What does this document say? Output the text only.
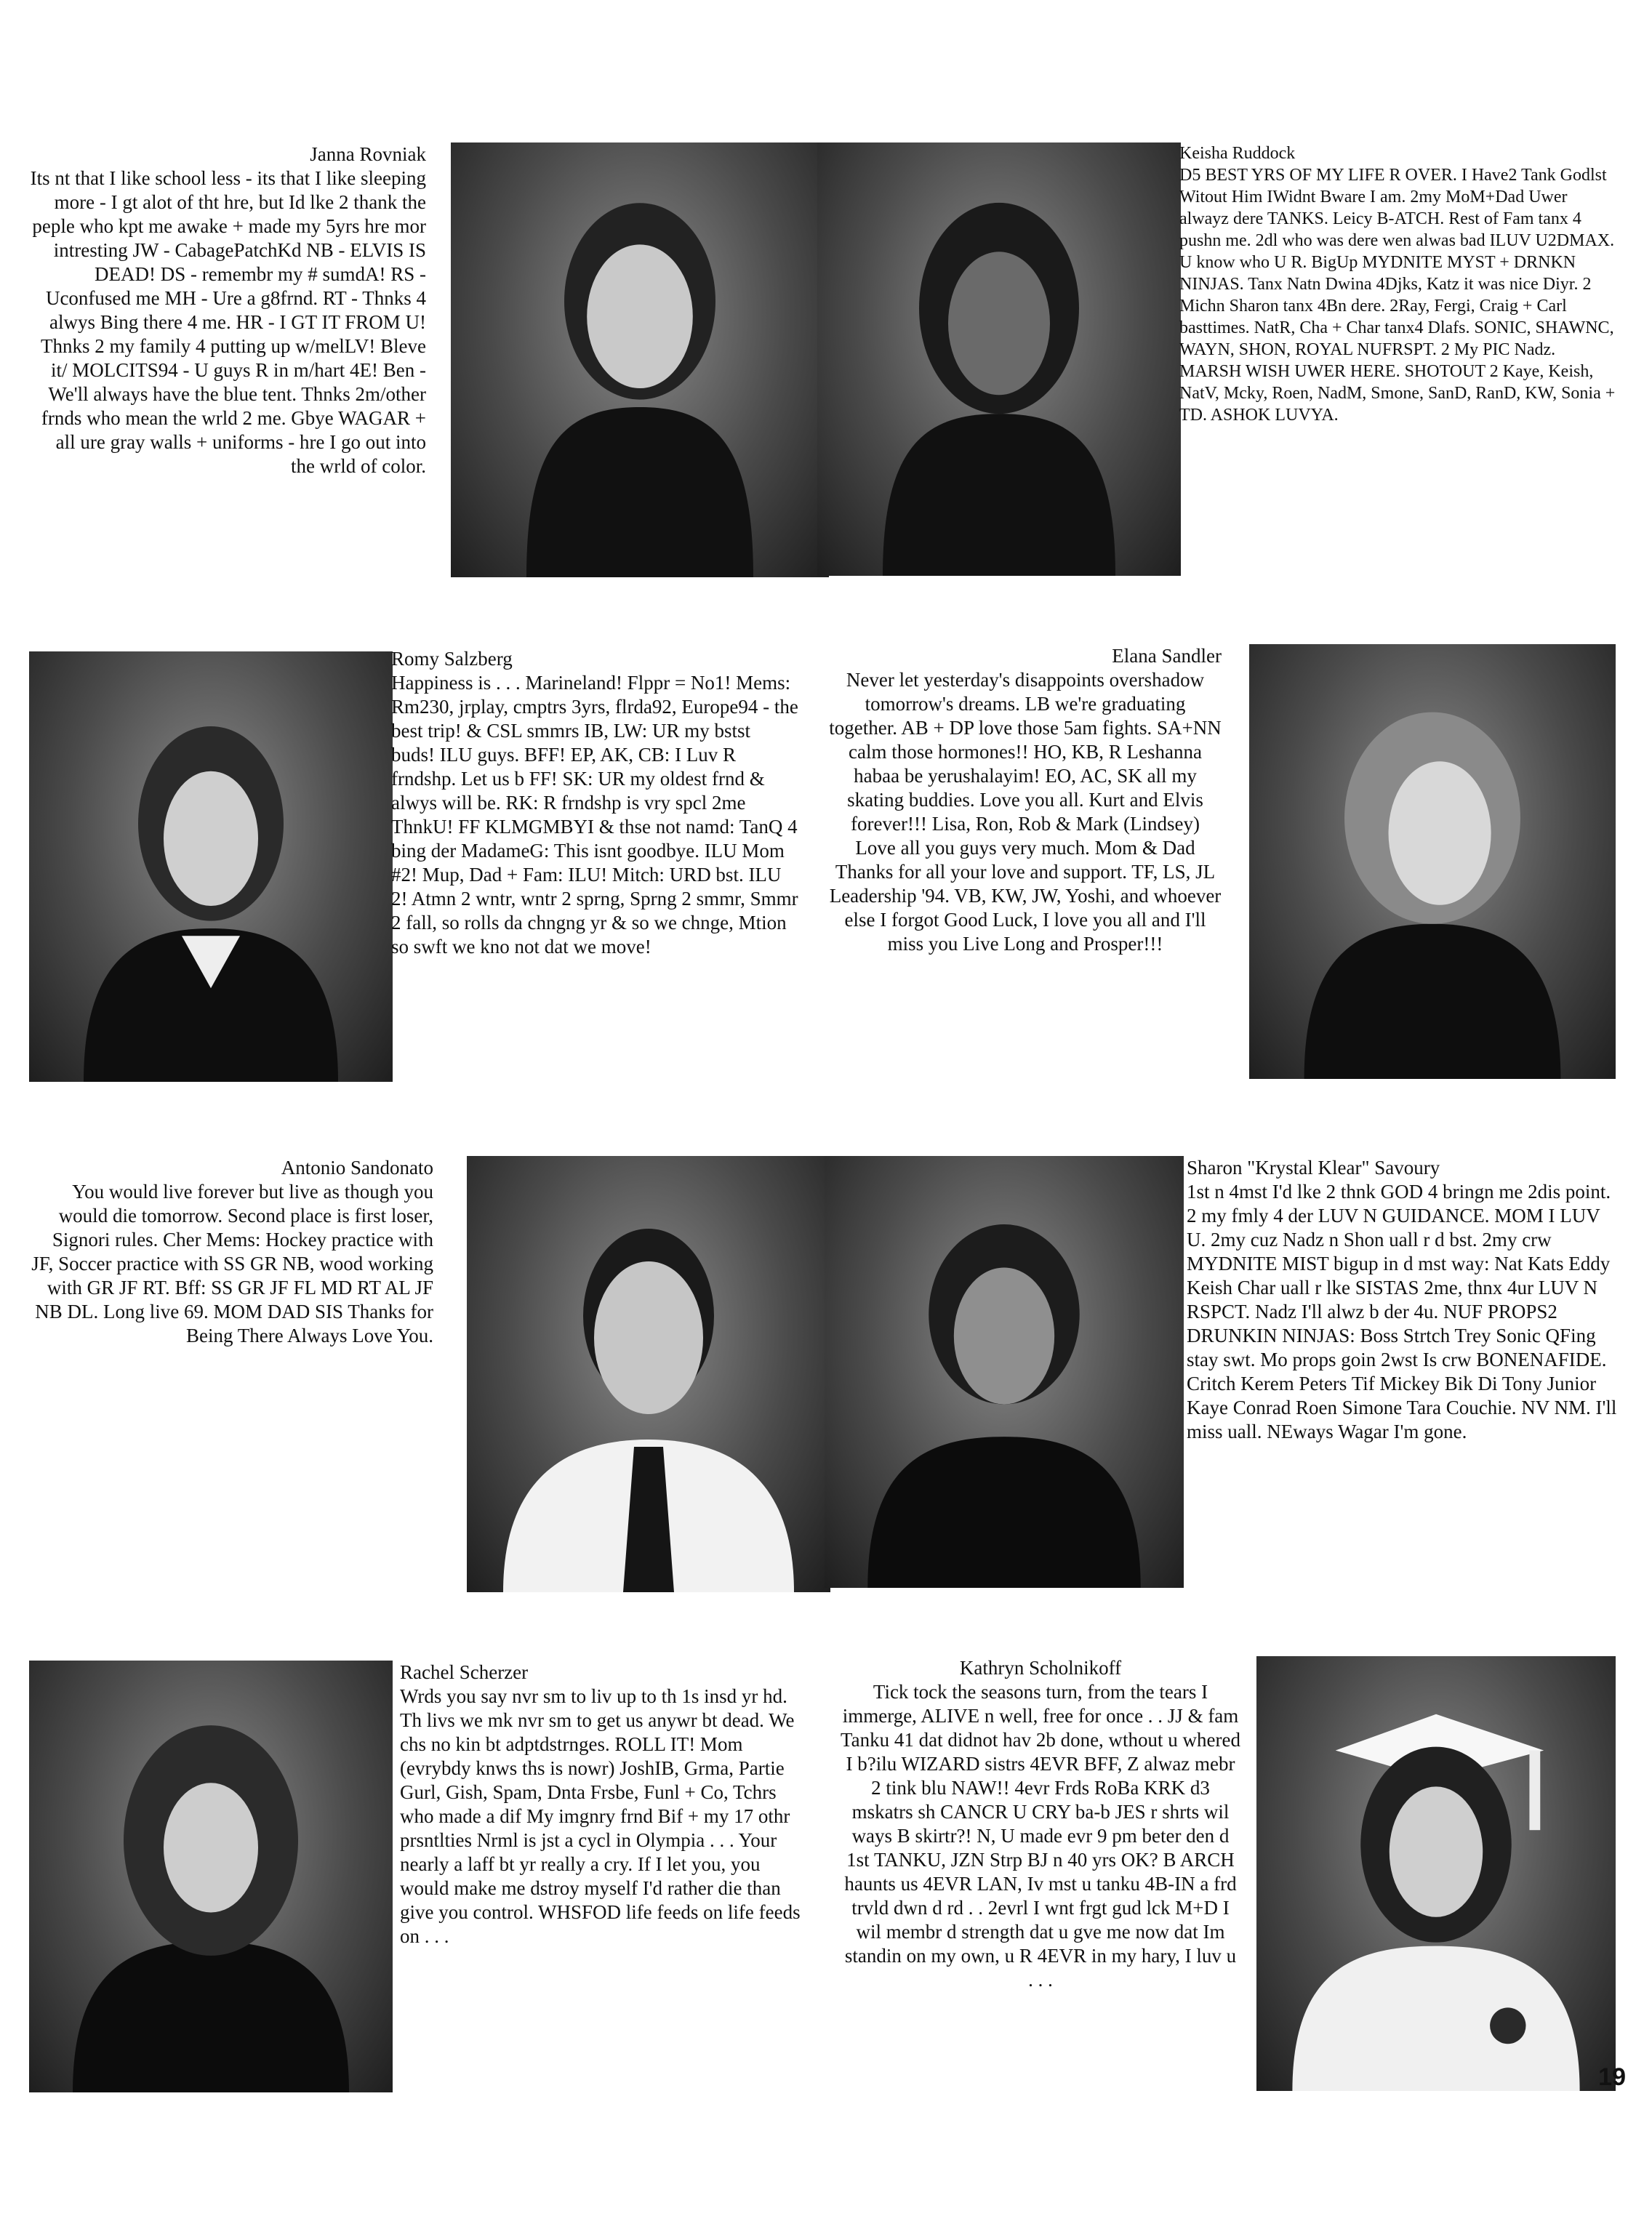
Janna Rovniak
Its nt that I like school less - its that I like sleeping more - I gt alot of tht hre, but Id lke 2 thank the peple who kpt me awake + made my 5yrs hre mor intresting JW - CabagePatchKd NB - ELVIS IS DEAD! DS - remembr my # sumdA! RS - Uconfused me MH - Ure a g8frnd. RT - Thnks 4 alwys Bing there 4 me. HR - I GT IT FROM U! Thnks 2 my family 4 putting up w/melLV! Bleve it/ MOLCITS94 - U guys R in m/hart 4E! Ben - We'll always have the blue tent. Thnks 2m/other frnds who mean the wrld 2 me. Gbye WAGAR + all ure gray walls + uniforms - hre I go out into the wrld of color.
Keisha Ruddock
D5 BEST YRS OF MY LIFE R OVER. I Have2 Tank Godlst Witout Him IWidnt Bware I am. 2my MoM+Dad Uwer alwayz dere TANKS. Leicy B-ATCH. Rest of Fam tanx 4 pushn me. 2dl who was dere wen alwas bad ILUV U2DMAX. U know who U R. BigUp MYDNITE MYST + DRNKN NINJAS. Tanx Natn Dwina 4Djks, Katz it was nice Diyr. 2 Michn Sharon tanx 4Bn dere. 2Ray, Fergi, Craig + Carl basttimes. NatR, Cha + Char tanx4 Dlafs. SONIC, SHAWNC, WAYN, SHON, ROYAL NUFRSPT. 2 My PIC Nadz. MARSH WISH UWER HERE. SHOTOUT 2 Kaye, Keish, NatV, Mcky, Roen, NadM, Smone, SanD, RanD, KW, Sonia + TD. ASHOK LUVYA.
Romy Salzberg
Happiness is . . . Marineland! Flppr = No1! Mems: Rm230, jrplay, cmptrs 3yrs, flrda92, Europe94 - the best trip! & CSL smmrs IB, LW: UR my bstst buds! ILU guys. BFF! EP, AK, CB: I Luv R frndshp. Let us b FF! SK: UR my oldest frnd & alwys will be. RK: R frndshp is vry spcl 2me ThnkU! FF KLMGMBYI & thse not namd: TanQ 4 bing der MadameG: This isnt goodbye. ILU Mom #2! Mup, Dad + Fam: ILU! Mitch: URD bst. ILU 2! Atmn 2 wntr, wntr 2 sprng, Sprng 2 smmr, Smmr 2 fall, so rolls da chngng yr & so we chnge, Mtion so swft we kno not dat we move!
Elana Sandler
Never let yesterday's disappoints overshadow tomorrow's dreams. LB we're graduating together. AB + DP love those 5am fights. SA+NN calm those hormones!! HO, KB, R Leshanna habaa be yerushalayim! EO, AC, SK all my skating buddies. Love you all. Kurt and Elvis forever!!! Lisa, Ron, Rob & Mark (Lindsey) Love all you guys very much. Mom & Dad Thanks for all your love and support. TF, LS, JL Leadership '94. VB, KW, JW, Yoshi, and whoever else I forgot Good Luck, I love you all and I'll miss you Live Long and Prosper!!!
Antonio Sandonato
You would live forever but live as though you would die tomorrow. Second place is first loser, Signori rules. Cher Mems: Hockey practice with JF, Soccer practice with SS GR NB, wood working with GR JF RT. Bff: SS GR JF FL MD RT AL JF NB DL. Long live 69. MOM DAD SIS Thanks for Being There Always Love You.
Sharon "Krystal Klear" Savoury
1st n 4mst I'd lke 2 thnk GOD 4 bringn me 2dis point. 2 my fmly 4 der LUV N GUIDANCE. MOM I LUV U. 2my cuz Nadz n Shon uall r d bst. 2my crw MYDNITE MIST bigup in d mst way: Nat Kats Eddy Keish Char uall r lke SISTAS 2me, thnx 4ur LUV N RSPCT. Nadz I'll alwz b der 4u. NUF PROPS2 DRUNKIN NINJAS: Boss Strtch Trey Sonic QFing stay swt. Mo props goin 2wst Is crw BONENAFIDE. Critch Kerem Peters Tif Mickey Bik Di Tony Junior Kaye Conrad Roen Simone Tara Couchie. NV NM. I'll miss uall. NEways Wagar I'm gone.
Rachel Scherzer
Wrds you say nvr sm to liv up to th 1s insd yr hd. Th livs we mk nvr sm to get us anywr bt dead. We chs no kin bt adptdstrnges. ROLL IT! Mom (evrybdy knws ths is nowr) JoshIB, Grma, Partie Gurl, Gish, Spam, Dnta Frsbe, Funl + Co, Tchrs who made a dif My imgnry frnd Bif + my 17 othr prsntlties Nrml is jst a cycl in Olympia . . . Your nearly a laff bt yr really a cry. If I let you, you would make me dstroy myself I'd rather die than give you control. WHSFOD life feeds on life feeds on . . .
Kathryn Scholnikoff
Tick tock the seasons turn, from the tears I immerge, ALIVE n well, free for once . . JJ & fam Tanku 41 dat didnot hav 2b done, wthout u whered I b?ilu WIZARD sistrs 4EVR BFF, Z alwaz mebr 2 tink blu NAW!! 4evr Frds RoBa KRK d3 mskatrs sh CANCR U CRY ba-b JES r shrts wil ways B skirtr?! N, U made evr 9 pm beter den d 1st TANKU, JZN Strp BJ n 40 yrs OK? B ARCH haunts us 4EVR LAN, Iv mst u tanku 4B-IN a frd trvld dwn d rd . . 2evrl I wnt frgt gud lck M+D I wil membr d strength dat u gve me now dat Im standin on my own, u R 4EVR in my hary, I luv u . . .
19
